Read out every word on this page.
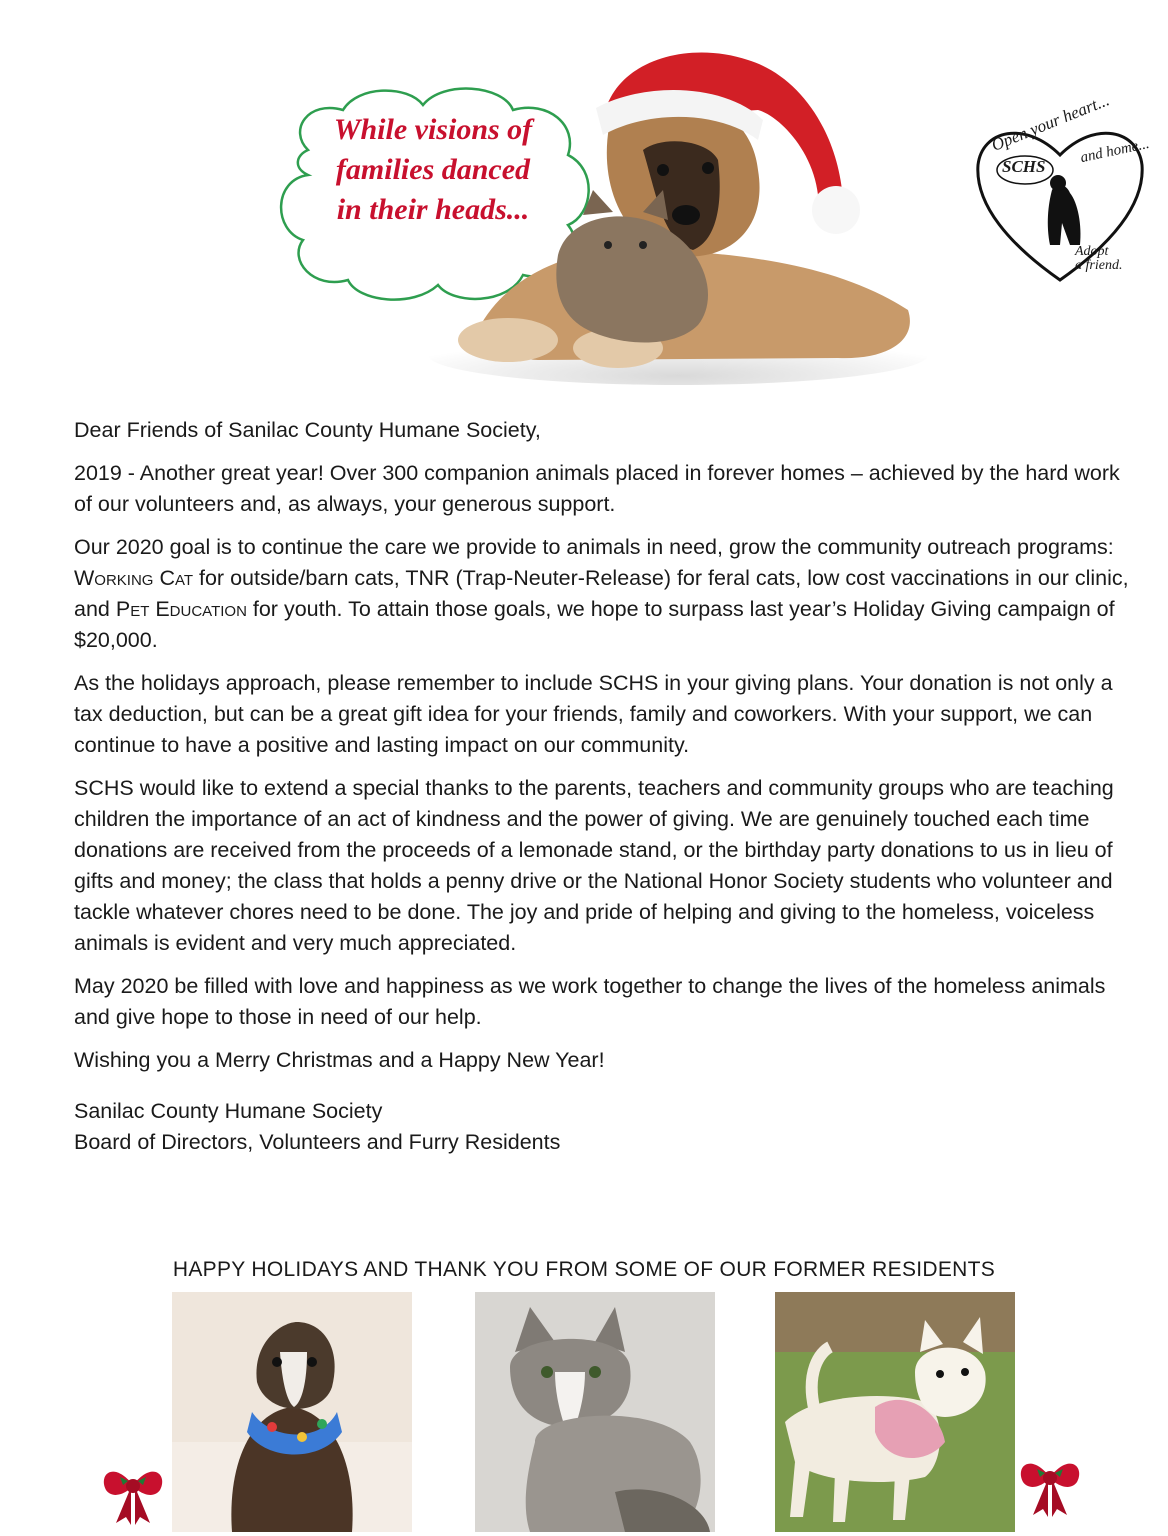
While visions of
families danced
in their heads...
Open your heart...
and home...
SCHS
Adopt
a friend.

Dear Friends of Sanilac County Humane Society,

2019 - Another great year! Over 300 companion animals placed in forever homes – achieved by the hard work of our volunteers and, as always, your generous support.

Our 2020 goal is to continue the care we provide to animals in need, grow the community outreach programs: Working Cat for outside/barn cats, TNR (Trap-Neuter-Release) for feral cats, low cost vaccinations in our clinic, and Pet Education for youth. To attain those goals, we hope to surpass last year’s Holiday Giving campaign of $20,000.

As the holidays approach, please remember to include SCHS in your giving plans. Your donation is not only a tax deduction, but can be a great gift idea for your friends, family and coworkers. With your support, we can continue to have a positive and lasting impact on our community.

SCHS would like to extend a special thanks to the parents, teachers and community groups who are teaching children the importance of an act of kindness and the power of giving. We are genuinely touched each time donations are received from the proceeds of a lemonade stand, or the birthday party donations to us in lieu of gifts and money; the class that holds a penny drive or the National Honor Society students who volunteer and tackle whatever chores need to be done. The joy and pride of helping and giving to the homeless, voiceless animals is evident and very much appreciated.

May 2020 be filled with love and happiness as we work together to change the lives of the homeless animals and give hope to those in need of our help.

Wishing you a Merry Christmas and a Happy New Year!

Sanilac County Humane Society
Board of Directors, Volunteers and Furry Residents

HAPPY HOLIDAYS AND THANK YOU FROM SOME OF OUR FORMER RESIDENTS
